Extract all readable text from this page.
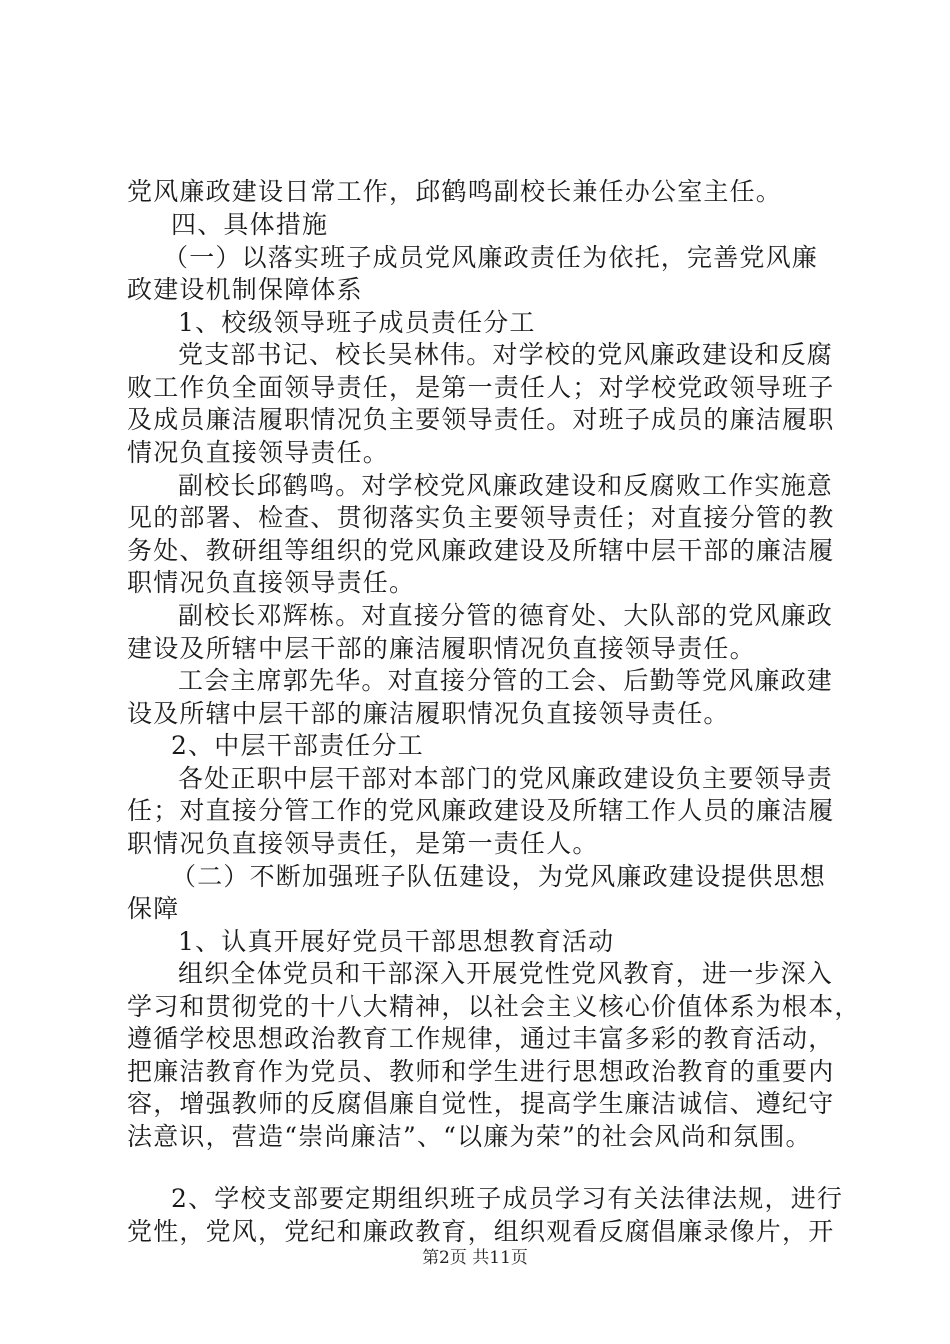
党风廉政建设日常工作，邱鹤鸣副校长兼任办公室主任。
四、具体措施
（一）以落实班子成员党风廉政责任为依托，完善党风廉
政建设机制保障体系
1、校级领导班子成员责任分工
党支部书记、校长吴林伟。对学校的党风廉政建设和反腐
败工作负全面领导责任，是第一责任人；对学校党政领导班子
及成员廉洁履职情况负主要领导责任。对班子成员的廉洁履职
情况负直接领导责任。
副校长邱鹤鸣。对学校党风廉政建设和反腐败工作实施意
见的部署、检查、贯彻落实负主要领导责任；对直接分管的教
务处、教研组等组织的党风廉政建设及所辖中层干部的廉洁履
职情况负直接领导责任。
副校长邓辉栋。对直接分管的德育处、大队部的党风廉政
建设及所辖中层干部的廉洁履职情况负直接领导责任。
工会主席郭先华。对直接分管的工会、后勤等党风廉政建
设及所辖中层干部的廉洁履职情况负直接领导责任。
2、中层干部责任分工
各处正职中层干部对本部门的党风廉政建设负主要领导责
任；对直接分管工作的党风廉政建设及所辖工作人员的廉洁履
职情况负直接领导责任，是第一责任人。
（二）不断加强班子队伍建设，为党风廉政建设提供思想
保障
1、认真开展好党员干部思想教育活动
组织全体党员和干部深入开展党性党风教育，进一步深入
学习和贯彻党的十八大精神，以社会主义核心价值体系为根本，
遵循学校思想政治教育工作规律，通过丰富多彩的教育活动，
把廉洁教育作为党员、教师和学生进行思想政治教育的重要内
容，增强教师的反腐倡廉自觉性，提高学生廉洁诚信、遵纪守
法意识，营造“崇尚廉洁”、“以廉为荣”的社会风尚和氛围。
2、学校支部要定期组织班子成员学习有关法律法规，进行
党性，党风，党纪和廉政教育，组织观看反腐倡廉录像片，开
第2页 共11页
